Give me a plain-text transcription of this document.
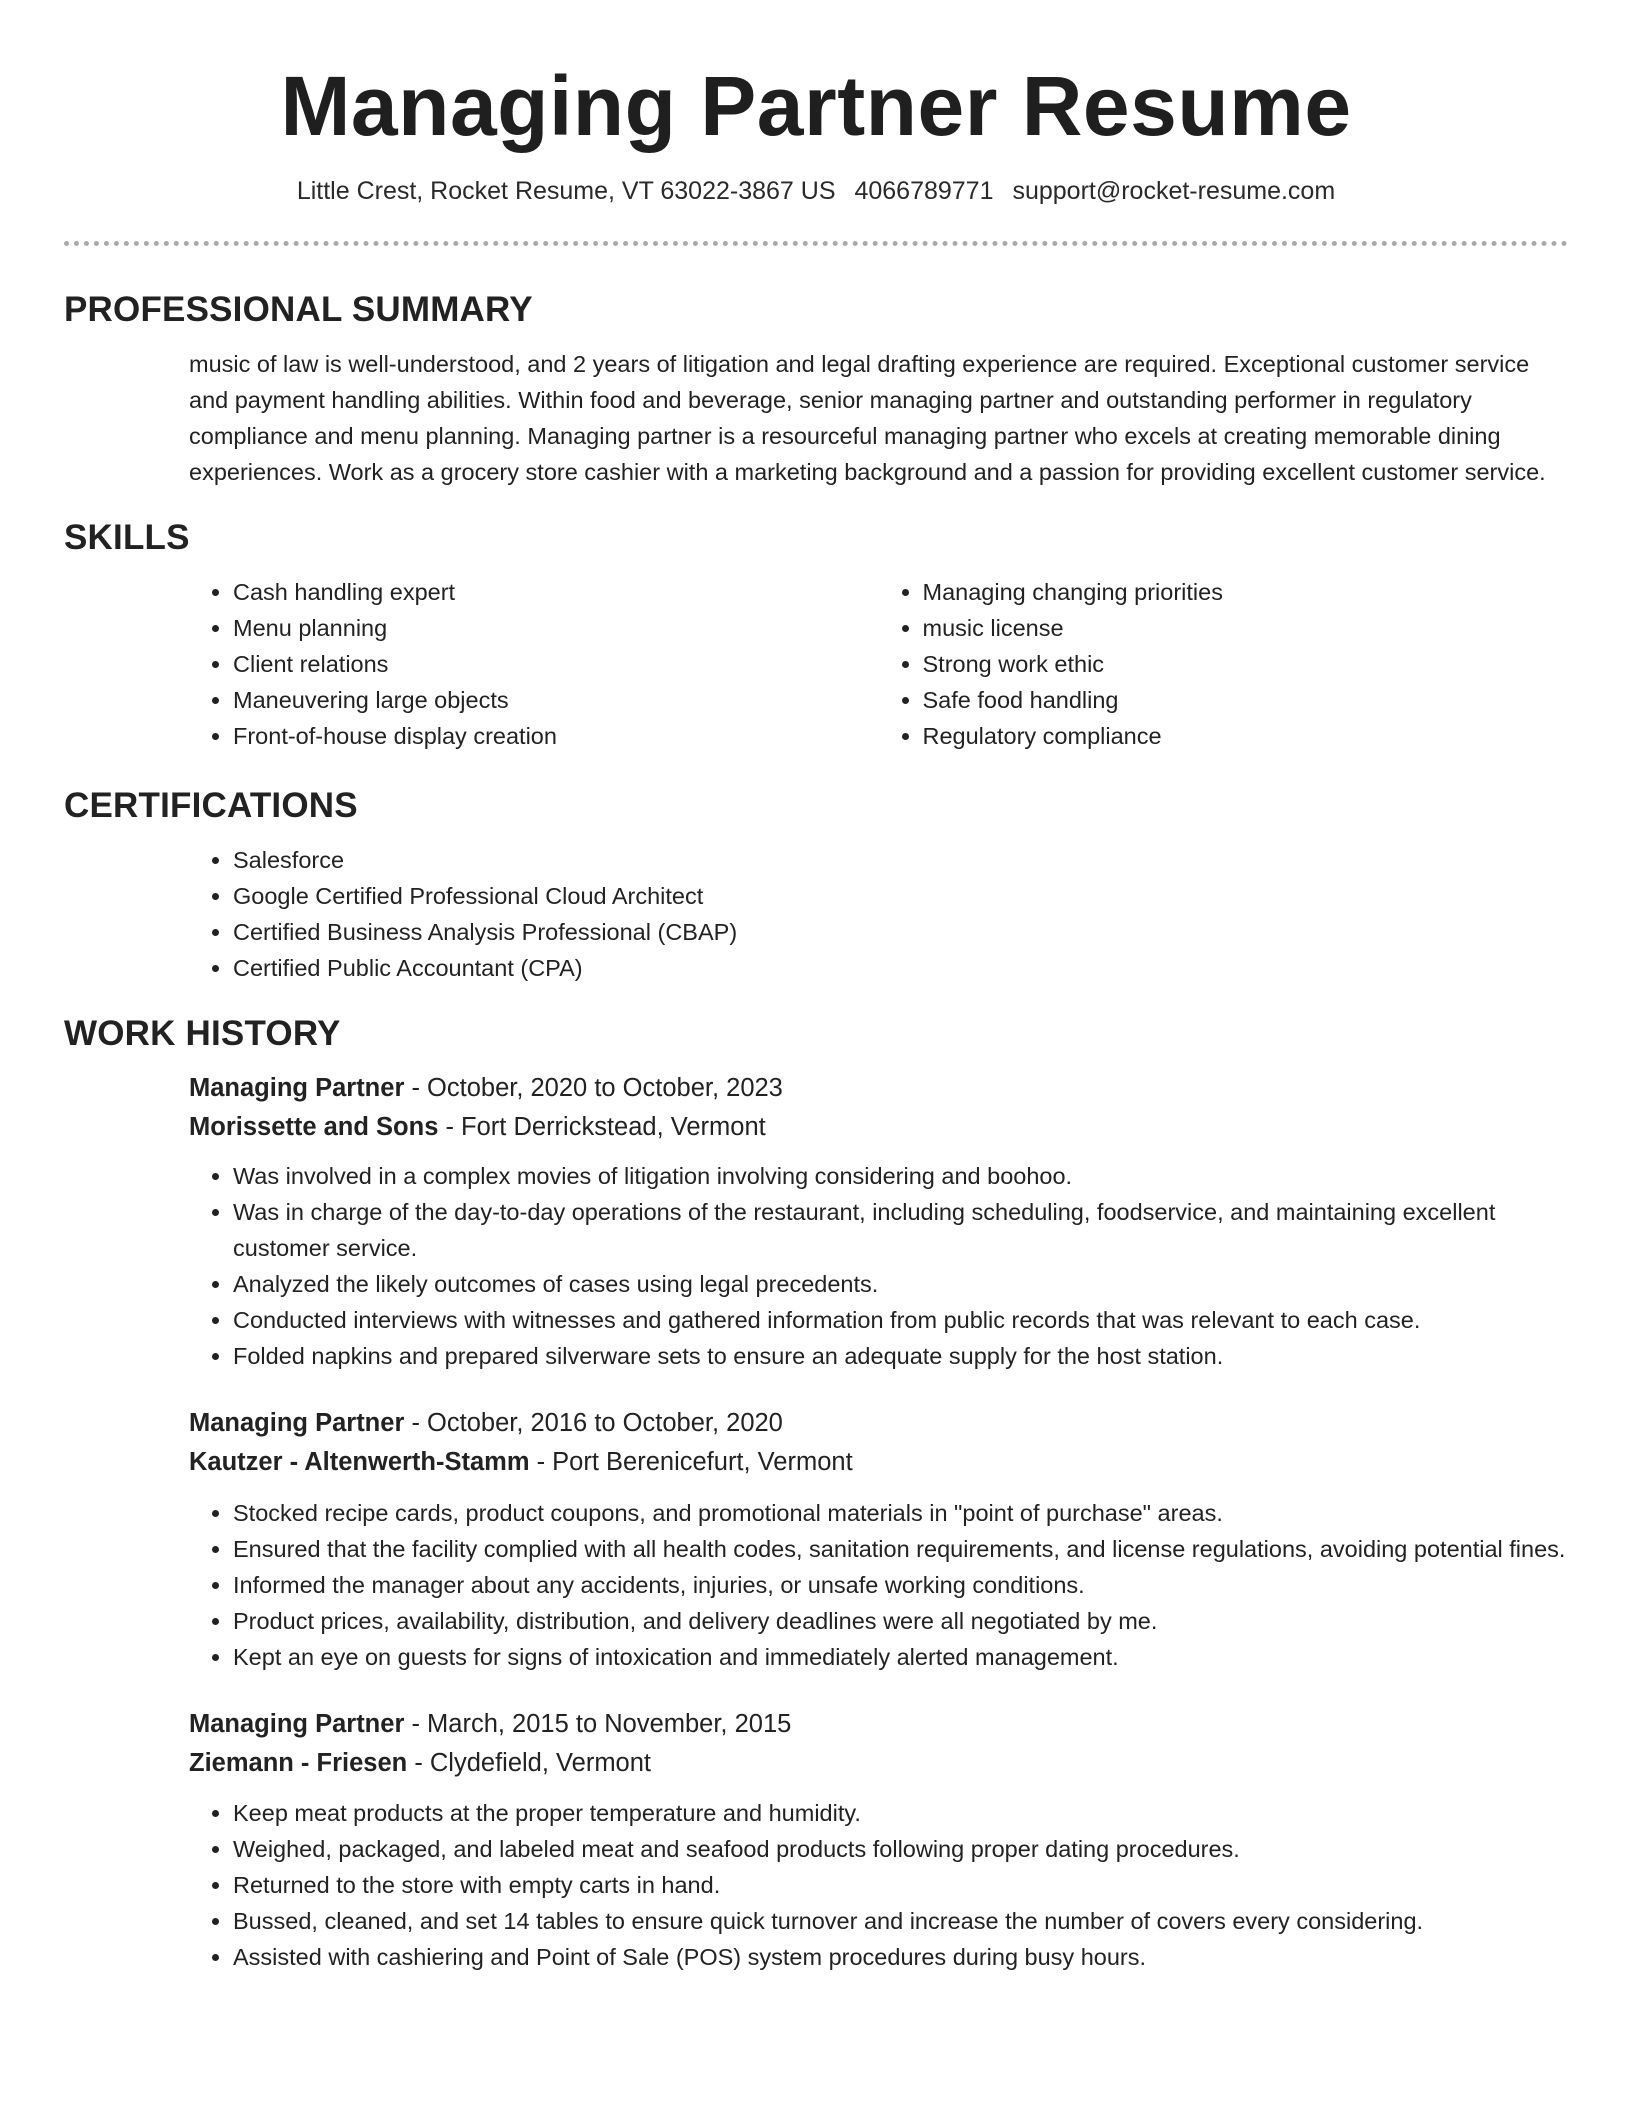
Managing Partner Resume
Little Crest, Rocket Resume, VT 63022-3867 US 4066789771 support@rocket-resume.com
PROFESSIONAL SUMMARY

music of law is well-understood, and 2 years of litigation and legal drafting experience are required. Exceptional customer service and payment handling abilities. Within food and beverage, senior managing partner and outstanding performer in regulatory compliance and menu planning. Managing partner is a resourceful managing partner who excels at creating memorable dining experiences. Work as a grocery store cashier with a marketing background and a passion for providing excellent customer service.

SKILLS
• Cash handling expert
• Menu planning
• Client relations
• Maneuvering large objects
• Front-of-house display creation
• Managing changing priorities
• music license
• Strong work ethic
• Safe food handling
• Regulatory compliance
CERTIFICATIONS
• Salesforce
• Google Certified Professional Cloud Architect
• Certified Business Analysis Professional (CBAP)
• Certified Public Accountant (CPA)
WORK HISTORY
Managing Partner - October, 2020 to October, 2023
Morissette and Sons - Fort Derrickstead, Vermont
• Was involved in a complex movies of litigation involving considering and boohoo.
• Was in charge of the day-to-day operations of the restaurant, including scheduling, foodservice, and maintaining excellent customer service.
• Analyzed the likely outcomes of cases using legal precedents.
• Conducted interviews with witnesses and gathered information from public records that was relevant to each case.
• Folded napkins and prepared silverware sets to ensure an adequate supply for the host station.
Managing Partner - October, 2016 to October, 2020
Kautzer - Altenwerth-Stamm - Port Berenicefurt, Vermont
• Stocked recipe cards, product coupons, and promotional materials in "point of purchase" areas.
• Ensured that the facility complied with all health codes, sanitation requirements, and license regulations, avoiding potential fines.
• Informed the manager about any accidents, injuries, or unsafe working conditions.
• Product prices, availability, distribution, and delivery deadlines were all negotiated by me.
• Kept an eye on guests for signs of intoxication and immediately alerted management.
Managing Partner - March, 2015 to November, 2015
Ziemann - Friesen - Clydefield, Vermont
• Keep meat products at the proper temperature and humidity.
• Weighed, packaged, and labeled meat and seafood products following proper dating procedures.
• Returned to the store with empty carts in hand.
• Bussed, cleaned, and set 14 tables to ensure quick turnover and increase the number of covers every considering.
• Assisted with cashiering and Point of Sale (POS) system procedures during busy hours.
